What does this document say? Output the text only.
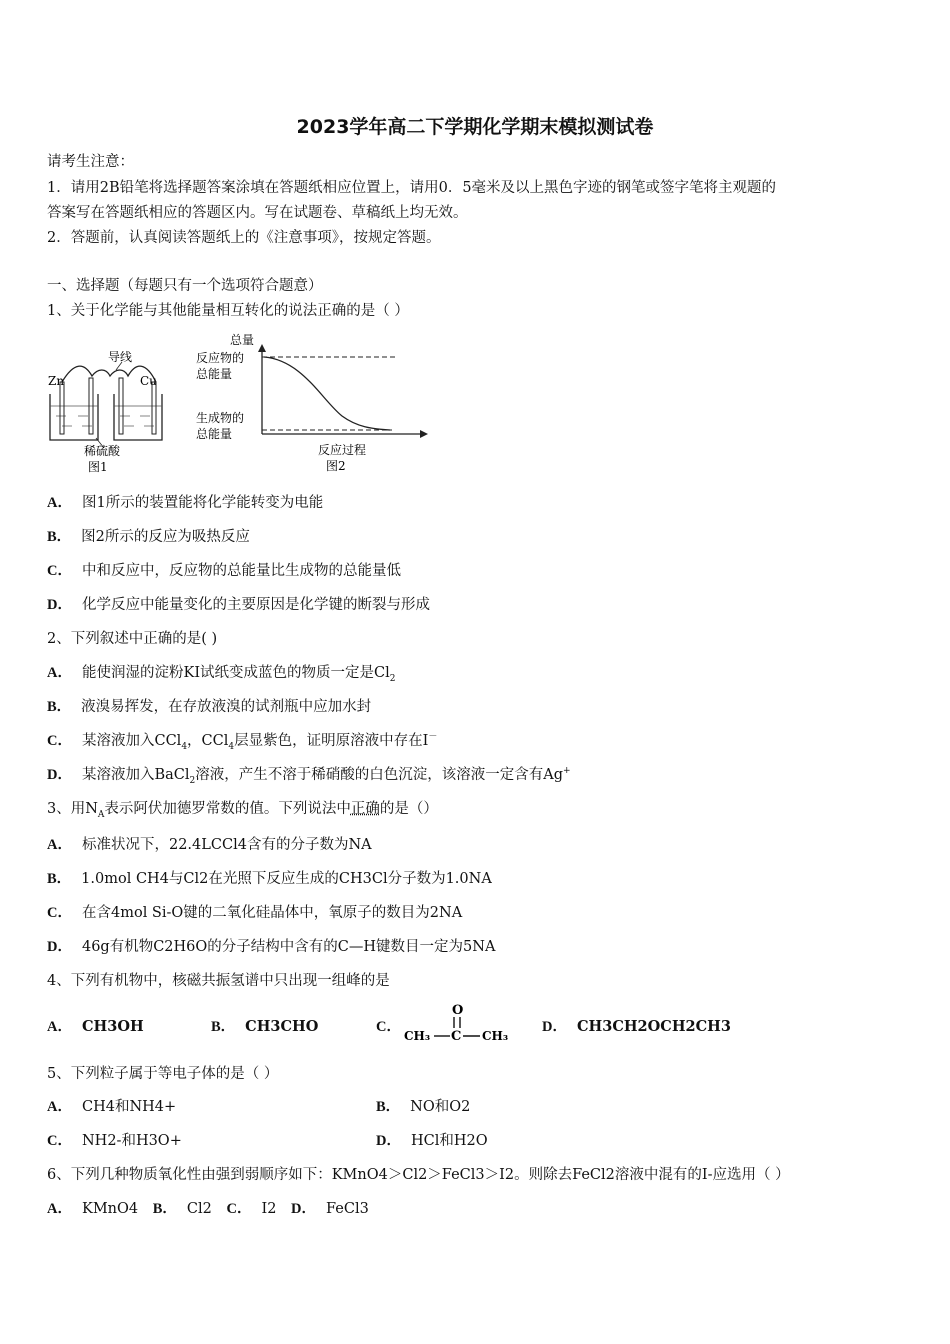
2023学年高二下学期化学期末模拟测试卷
请考生注意：
1．请用2B铅笔将选择题答案涂填在答题纸相应位置上，请用0．5毫米及以上黑色字迹的钢笔或签字笔将主观题的
答案写在答题纸相应的答题区内。写在试题卷、草稿纸上均无效。
2．答题前，认真阅读答题纸上的《注意事项》，按规定答题。
一、选择题（每题只有一个选项符合题意）
1、关于化学能与其他能量相互转化的说法正确的是（ ）
导线
Zn	Cu
稀硫酸
图1
总量
反应物的
总能量
生成物的
总能量
反应过程
图2
A． 图1所示的装置能将化学能转变为电能
B． 图2所示的反应为吸热反应
C． 中和反应中，反应物的总能量比生成物的总能量低
D． 化学反应中能量变化的主要原因是化学键的断裂与形成
2、下列叙述中正确的是( )
A． 能使润湿的淀粉KI试纸变成蓝色的物质一定是$Cl_2$
B． 液溴易挥发，在存放液溴的试剂瓶中应加水封
C． 某溶液加入CCl$_4$，CCl$_4$层显紫色，证明原溶液中存在I－
D． 某溶液加入BaCl$_2$溶液，产生不溶于稀硝酸的白色沉淀，该溶液一定含有Ag+
3、用$N_A$表示阿伏加德罗常数的值。下列说法中正确的是（）
A． 标准状况下，22.4LCCl4含有的分子数为NA
B． 1.0mol CH4与Cl2在光照下反应生成的CH3Cl分子数为1.0NA
C． 在含4mol Si-O键的二氧化硅晶体中，氧原子的数目为2NA
D． 46g有机物C2H6O的分子结构中含有的C—H键数目一定为5NA
4、下列有机物中，核磁共振氢谱中只出现一组峰的是
A． CH3OH	B． CH3CHO	C．
O
CH₃ C CH₃
D． CH3CH2OCH2CH3
5、下列粒子属于等电子体的是（ ）
A． CH4和NH4+	B． NO和O2
C． NH2-和H3O+	D． HCl和H2O
6、下列几种物质氧化性由强到弱顺序如下：KMnO4＞Cl2＞FeCl3＞I2。则除去FeCl2溶液中混有的I-应选用（ ）
A． KMnO4 B． Cl2 C． I2 D． FeCl3
